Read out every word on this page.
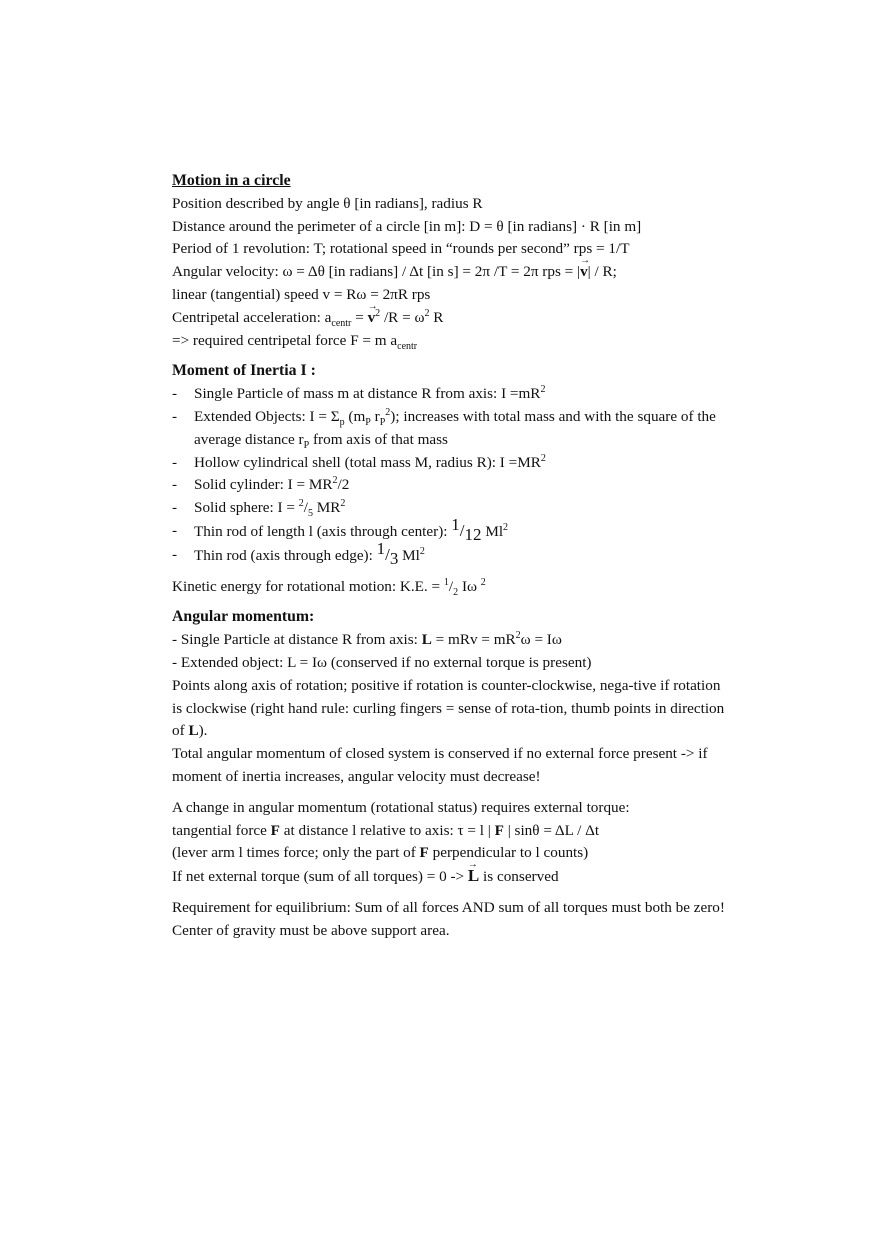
Motion in a circle
Position described by angle θ [in radians], radius R
Distance around the perimeter of a circle [in m]: D = θ [in radians] · R [in m]
Period of 1 revolution: T; rotational speed in “rounds per second” rps = 1/T
Angular velocity: ω = Δθ [in radians] / Δt [in s] = 2π /T = 2π rps = |→ v| / R;
linear (tangential) speed v = Rω = 2πR rps
Centripetal acceleration: $a_{centr}$ = → $v^2$ $/R = \omega^2$ R
=> required centripetal force F = m $a_{centr}$
Moment of Inertia I :
- Single Particle of mass m at distance R from axis: $I =mR^2$
- Extended Objects: $I = \Sigma_p$ ($m_P$ $r_P^2$); increases with total mass and with the square of the average distance $r_P$ from axis of that mass
- Hollow cylindrical shell (total mass M, radius R): $I =MR^2$
- Solid cylinder: $I = MR^2/2$
- Solid sphere: $I = ^2/_5$ $MR^2$
- Thin rod of length l (axis through center): $^1/_{12}$ Ml$^2$
- Thin rod (axis through edge): $^1/_3$ Ml$^2$
Kinetic energy for rotational motion: K.E. = $^1/_2$ Iω $^2$
Angular momentum:
- Single Particle at distance R from axis: L = mRv = $mR^2\omega = I\omega$
- Extended object: L = Iω (conserved if no external torque is present)
Points along axis of rotation; positive if rotation is counter-clockwise, nega-tive if rotation is clockwise (right hand rule: curling fingers = sense of rota-tion, thumb points in direction of L).
Total angular momentum of closed system is conserved if no external force present -> if moment of inertia increases, angular velocity must decrease!
A change in angular momentum (rotational status) requires external torque:
tangential force F at distance l relative to axis: τ = l | F | sinθ = ΔL / Δt
(lever arm l times force; only the part of F perpendicular to l counts)
If net external torque (sum of all torques) = 0 -> → L is conserved
Requirement for equilibrium: Sum of all forces AND sum of all torques must both be zero! Center of gravity must be above support area.
